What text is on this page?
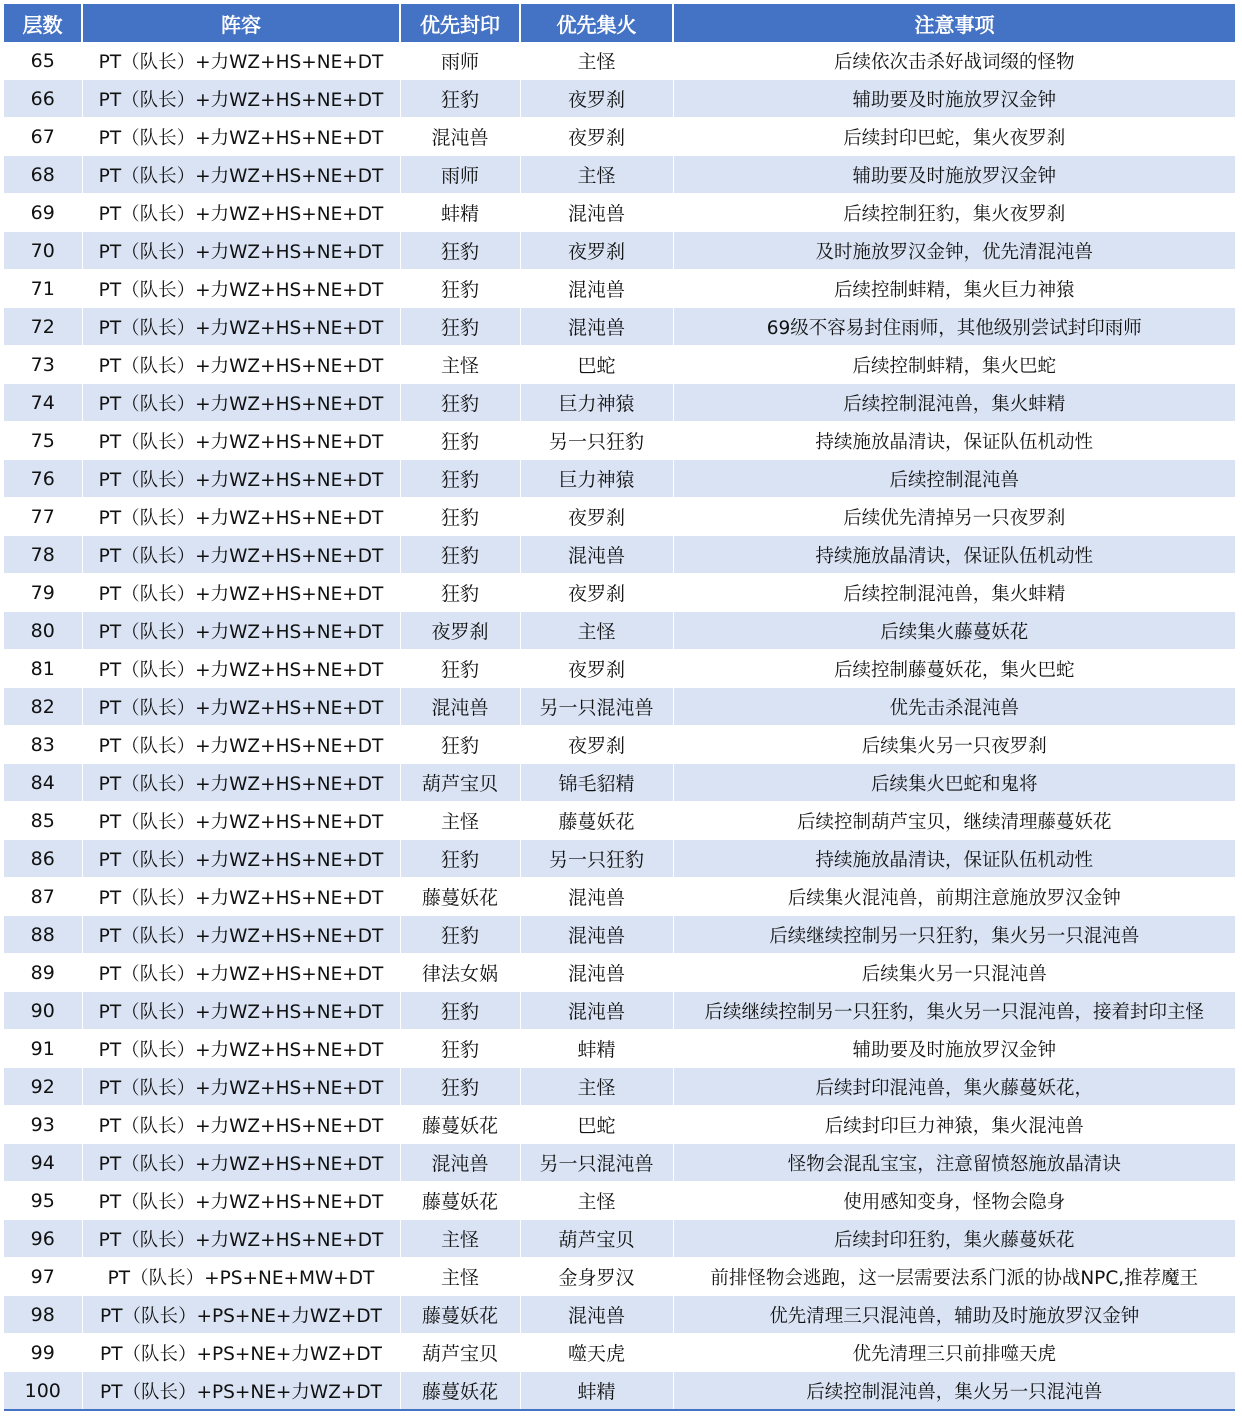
层数	阵容	优先封印	优先集火	注意事项
65	PT（队长）+力WZ+HS+NE+DT	雨师	主怪	后续依次击杀好战词缀的怪物
66	PT（队长）+力WZ+HS+NE+DT	狂豹	夜罗刹	辅助要及时施放罗汉金钟
67	PT（队长）+力WZ+HS+NE+DT	混沌兽	夜罗刹	后续封印巴蛇，集火夜罗刹
68	PT（队长）+力WZ+HS+NE+DT	雨师	主怪	辅助要及时施放罗汉金钟
69	PT（队长）+力WZ+HS+NE+DT	蚌精	混沌兽	后续控制狂豹，集火夜罗刹
70	PT（队长）+力WZ+HS+NE+DT	狂豹	夜罗刹	及时施放罗汉金钟，优先清混沌兽
71	PT（队长）+力WZ+HS+NE+DT	狂豹	混沌兽	后续控制蚌精，集火巨力神猿
72	PT（队长）+力WZ+HS+NE+DT	狂豹	混沌兽	69级不容易封住雨师，其他级别尝试封印雨师
73	PT（队长）+力WZ+HS+NE+DT	主怪	巴蛇	后续控制蚌精，集火巴蛇
74	PT（队长）+力WZ+HS+NE+DT	狂豹	巨力神猿	后续控制混沌兽，集火蚌精
75	PT（队长）+力WZ+HS+NE+DT	狂豹	另一只狂豹	持续施放晶清诀，保证队伍机动性
76	PT（队长）+力WZ+HS+NE+DT	狂豹	巨力神猿	后续控制混沌兽
77	PT（队长）+力WZ+HS+NE+DT	狂豹	夜罗刹	后续优先清掉另一只夜罗刹
78	PT（队长）+力WZ+HS+NE+DT	狂豹	混沌兽	持续施放晶清诀，保证队伍机动性
79	PT（队长）+力WZ+HS+NE+DT	狂豹	夜罗刹	后续控制混沌兽，集火蚌精
80	PT（队长）+力WZ+HS+NE+DT	夜罗刹	主怪	后续集火藤蔓妖花
81	PT（队长）+力WZ+HS+NE+DT	狂豹	夜罗刹	后续控制藤蔓妖花，集火巴蛇
82	PT（队长）+力WZ+HS+NE+DT	混沌兽	另一只混沌兽	优先击杀混沌兽
83	PT（队长）+力WZ+HS+NE+DT	狂豹	夜罗刹	后续集火另一只夜罗刹
84	PT（队长）+力WZ+HS+NE+DT	葫芦宝贝	锦毛貂精	后续集火巴蛇和鬼将
85	PT（队长）+力WZ+HS+NE+DT	主怪	藤蔓妖花	后续控制葫芦宝贝，继续清理藤蔓妖花
86	PT（队长）+力WZ+HS+NE+DT	狂豹	另一只狂豹	持续施放晶清诀，保证队伍机动性
87	PT（队长）+力WZ+HS+NE+DT	藤蔓妖花	混沌兽	后续集火混沌兽，前期注意施放罗汉金钟
88	PT（队长）+力WZ+HS+NE+DT	狂豹	混沌兽	后续继续控制另一只狂豹，集火另一只混沌兽
89	PT（队长）+力WZ+HS+NE+DT	律法女娲	混沌兽	后续集火另一只混沌兽
90	PT（队长）+力WZ+HS+NE+DT	狂豹	混沌兽	后续继续控制另一只狂豹，集火另一只混沌兽，接着封印主怪
91	PT（队长）+力WZ+HS+NE+DT	狂豹	蚌精	辅助要及时施放罗汉金钟
92	PT（队长）+力WZ+HS+NE+DT	狂豹	主怪	后续封印混沌兽，集火藤蔓妖花，
93	PT（队长）+力WZ+HS+NE+DT	藤蔓妖花	巴蛇	后续封印巨力神猿，集火混沌兽
94	PT（队长）+力WZ+HS+NE+DT	混沌兽	另一只混沌兽	怪物会混乱宝宝，注意留愤怒施放晶清诀
95	PT（队长）+力WZ+HS+NE+DT	藤蔓妖花	主怪	使用感知变身，怪物会隐身
96	PT（队长）+力WZ+HS+NE+DT	主怪	葫芦宝贝	后续封印狂豹，集火藤蔓妖花
97	PT（队长）+PS+NE+MW+DT	主怪	金身罗汉	前排怪物会逃跑，这一层需要法系门派的协战NPC,推荐魔王
98	PT（队长）+PS+NE+力WZ+DT	藤蔓妖花	混沌兽	优先清理三只混沌兽，辅助及时施放罗汉金钟
99	PT（队长）+PS+NE+力WZ+DT	葫芦宝贝	噬天虎	优先清理三只前排噬天虎
100	PT（队长）+PS+NE+力WZ+DT	藤蔓妖花	蚌精	后续控制混沌兽，集火另一只混沌兽
